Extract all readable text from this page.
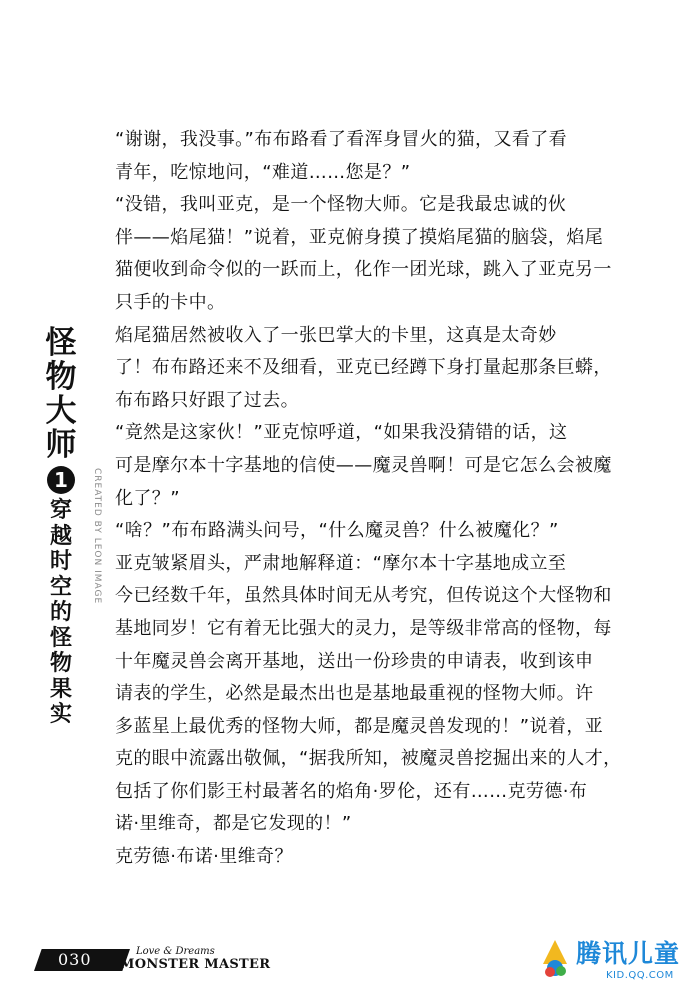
“谢谢，我没事。”布布路看了看浑身冒火的猫，又看了看
青年，吃惊地问，“难道……您是？”
“没错，我叫亚克，是一个怪物大师。它是我最忠诚的伙
伴——焰尾猫！”说着，亚克俯身摸了摸焰尾猫的脑袋，焰尾
猫便收到命令似的一跃而上，化作一团光球，跳入了亚克另一
只手的卡中。
焰尾猫居然被收入了一张巴掌大的卡里，这真是太奇妙
了！布布路还来不及细看，亚克已经蹲下身打量起那条巨蟒，
布布路只好跟了过去。
“竟然是这家伙！”亚克惊呼道，“如果我没猜错的话，这
可是摩尔本十字基地的信使——魔灵兽啊！可是它怎么会被魔
化了？”
“啥？”布布路满头问号，“什么魔灵兽？什么被魔化？”
亚克皱紧眉头，严肃地解释道：“摩尔本十字基地成立至
今已经数千年，虽然具体时间无从考究，但传说这个大怪物和
基地同岁！它有着无比强大的灵力，是等级非常高的怪物，每
十年魔灵兽会离开基地，送出一份珍贵的申请表，收到该申
请表的学生，必然是最杰出也是基地最重视的怪物大师。许
多蓝星上最优秀的怪物大师，都是魔灵兽发现的！”说着，亚
克的眼中流露出敬佩，“据我所知，被魔灵兽挖掘出来的人才，
包括了你们影王村最著名的焰角·罗伦，还有……克劳德·布
诺·里维奇，都是它发现的！”
克劳德·布诺·里维奇？
怪
物
大
师
1
穿
越
时
空
的
怪
物
果
实
CREATED BY LEON IMAGE
030	Love & Dreams
MONSTER MASTER	腾讯儿童
KID.QQ.COM
